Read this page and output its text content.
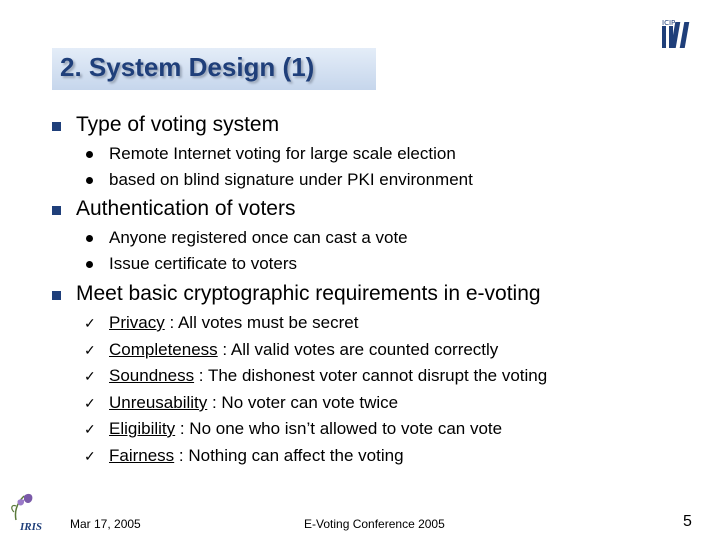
2. System Design (1)
ICIP
Type of voting system
Remote Internet voting for large scale election
based on blind signature under PKI environment
Authentication of voters
Anyone registered once can cast a vote
Issue certificate to voters
Meet basic cryptographic requirements in e-voting
✓ Privacy : All votes must be secret
✓ Completeness : All valid votes are counted correctly
✓ Soundness : The dishonest voter cannot disrupt the voting
✓ Unreusability : No voter can vote twice
✓ Eligibility : No one who isn’t allowed to vote can vote
✓ Fairness : Nothing can affect the voting
IRIS Mar 17, 2005	E-Voting Conference 2005	5
